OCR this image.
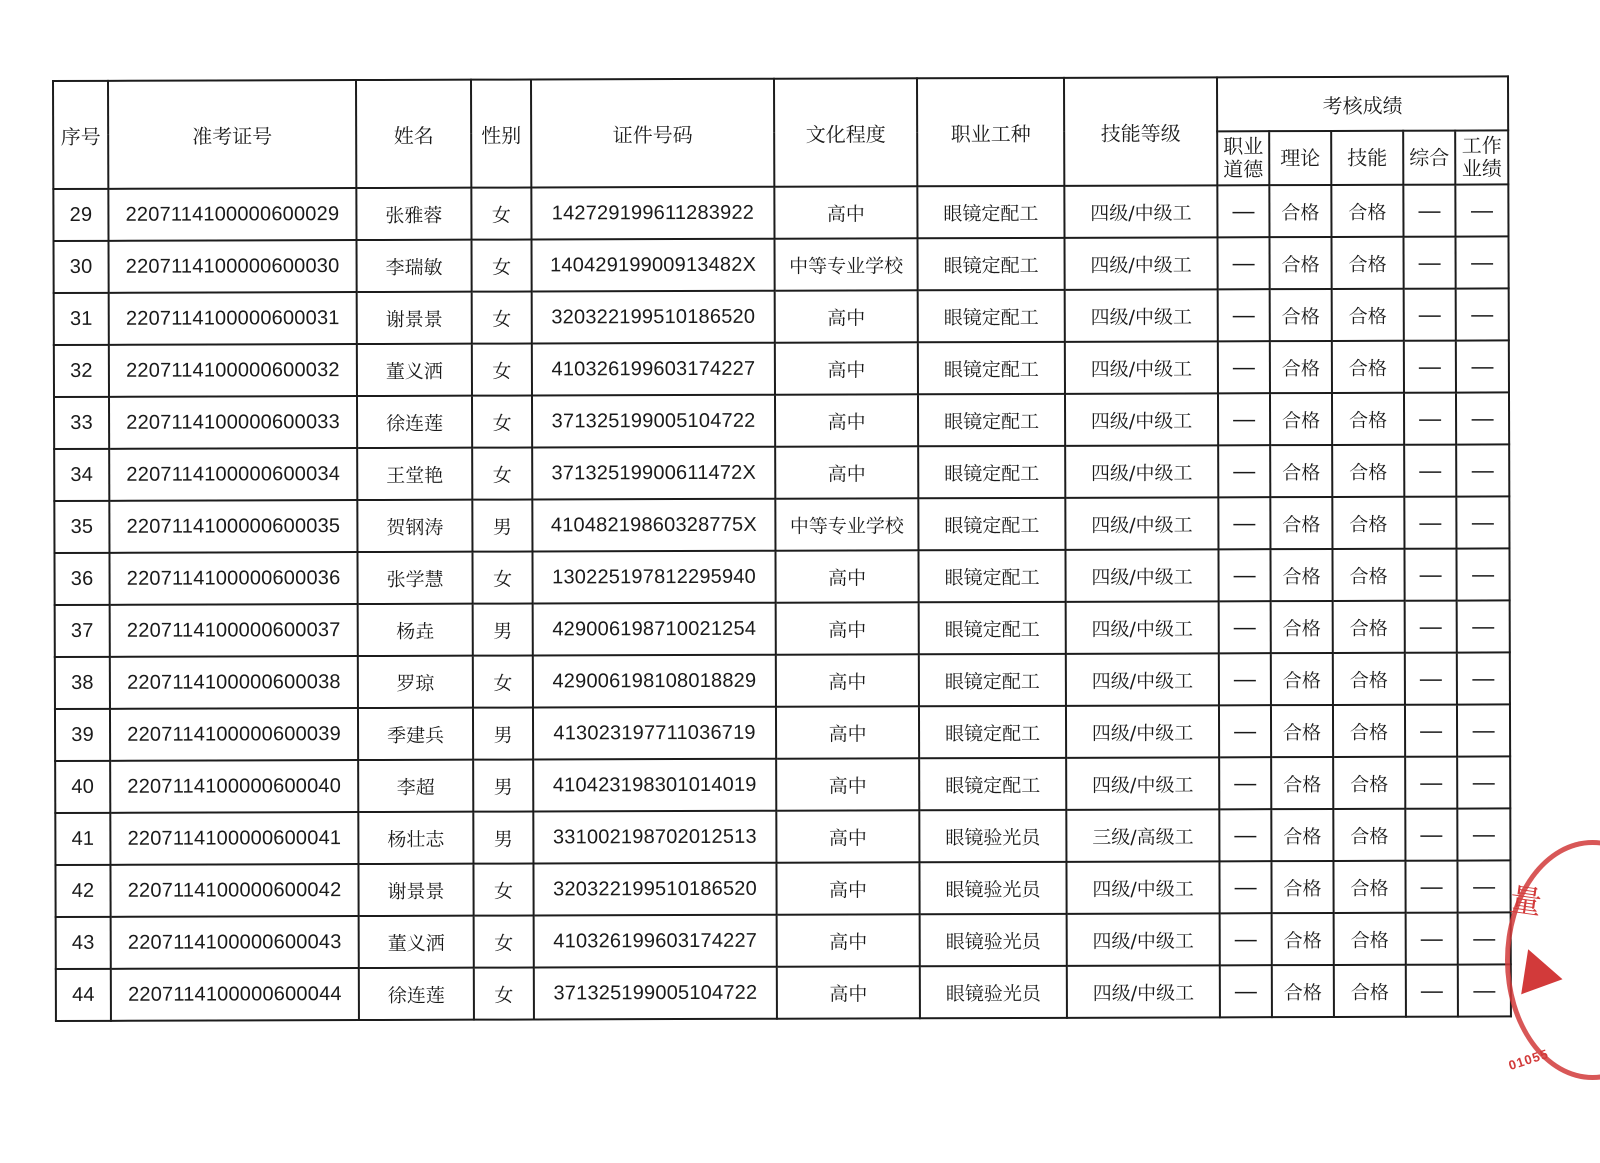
序号	准考证号	姓名	性别	证件号码	文化程度	职业工种	技能等级	考核成绩				
								职业道德	理论	技能	综合	工作业绩
29	2207114100000600029	张雅蓉	女	142729199611283922	高中	眼镜定配工	四级/中级工	—	合格	合格	—	—
30	2207114100000600030	李瑞敏	女	14042919900913482X	中等专业学校	眼镜定配工	四级/中级工	—	合格	合格	—	—
31	2207114100000600031	谢景景	女	320322199510186520	高中	眼镜定配工	四级/中级工	—	合格	合格	—	—
32	2207114100000600032	董义洒	女	410326199603174227	高中	眼镜定配工	四级/中级工	—	合格	合格	—	—
33	2207114100000600033	徐连莲	女	371325199005104722	高中	眼镜定配工	四级/中级工	—	合格	合格	—	—
34	2207114100000600034	王堂艳	女	37132519900611472X	高中	眼镜定配工	四级/中级工	—	合格	合格	—	—
35	2207114100000600035	贺钢涛	男	41048219860328775X	中等专业学校	眼镜定配工	四级/中级工	—	合格	合格	—	—
36	2207114100000600036	张学慧	女	130225197812295940	高中	眼镜定配工	四级/中级工	—	合格	合格	—	—
37	2207114100000600037	杨垚	男	429006198710021254	高中	眼镜定配工	四级/中级工	—	合格	合格	—	—
38	2207114100000600038	罗琼	女	429006198108018829	高中	眼镜定配工	四级/中级工	—	合格	合格	—	—
39	2207114100000600039	季建兵	男	413023197711036719	高中	眼镜定配工	四级/中级工	—	合格	合格	—	—
40	2207114100000600040	李超	男	410423198301014019	高中	眼镜定配工	四级/中级工	—	合格	合格	—	—
41	2207114100000600041	杨壮志	男	331002198702012513	高中	眼镜验光员	三级/高级工	—	合格	合格	—	—
42	2207114100000600042	谢景景	女	320322199510186520	高中	眼镜验光员	四级/中级工	—	合格	合格	—	—
43	2207114100000600043	董义洒	女	410326199603174227	高中	眼镜验光员	四级/中级工	—	合格	合格	—	—
44	2207114100000600044	徐连莲	女	371325199005104722	高中	眼镜验光员	四级/中级工	—	合格	合格	—	—
量
01055
